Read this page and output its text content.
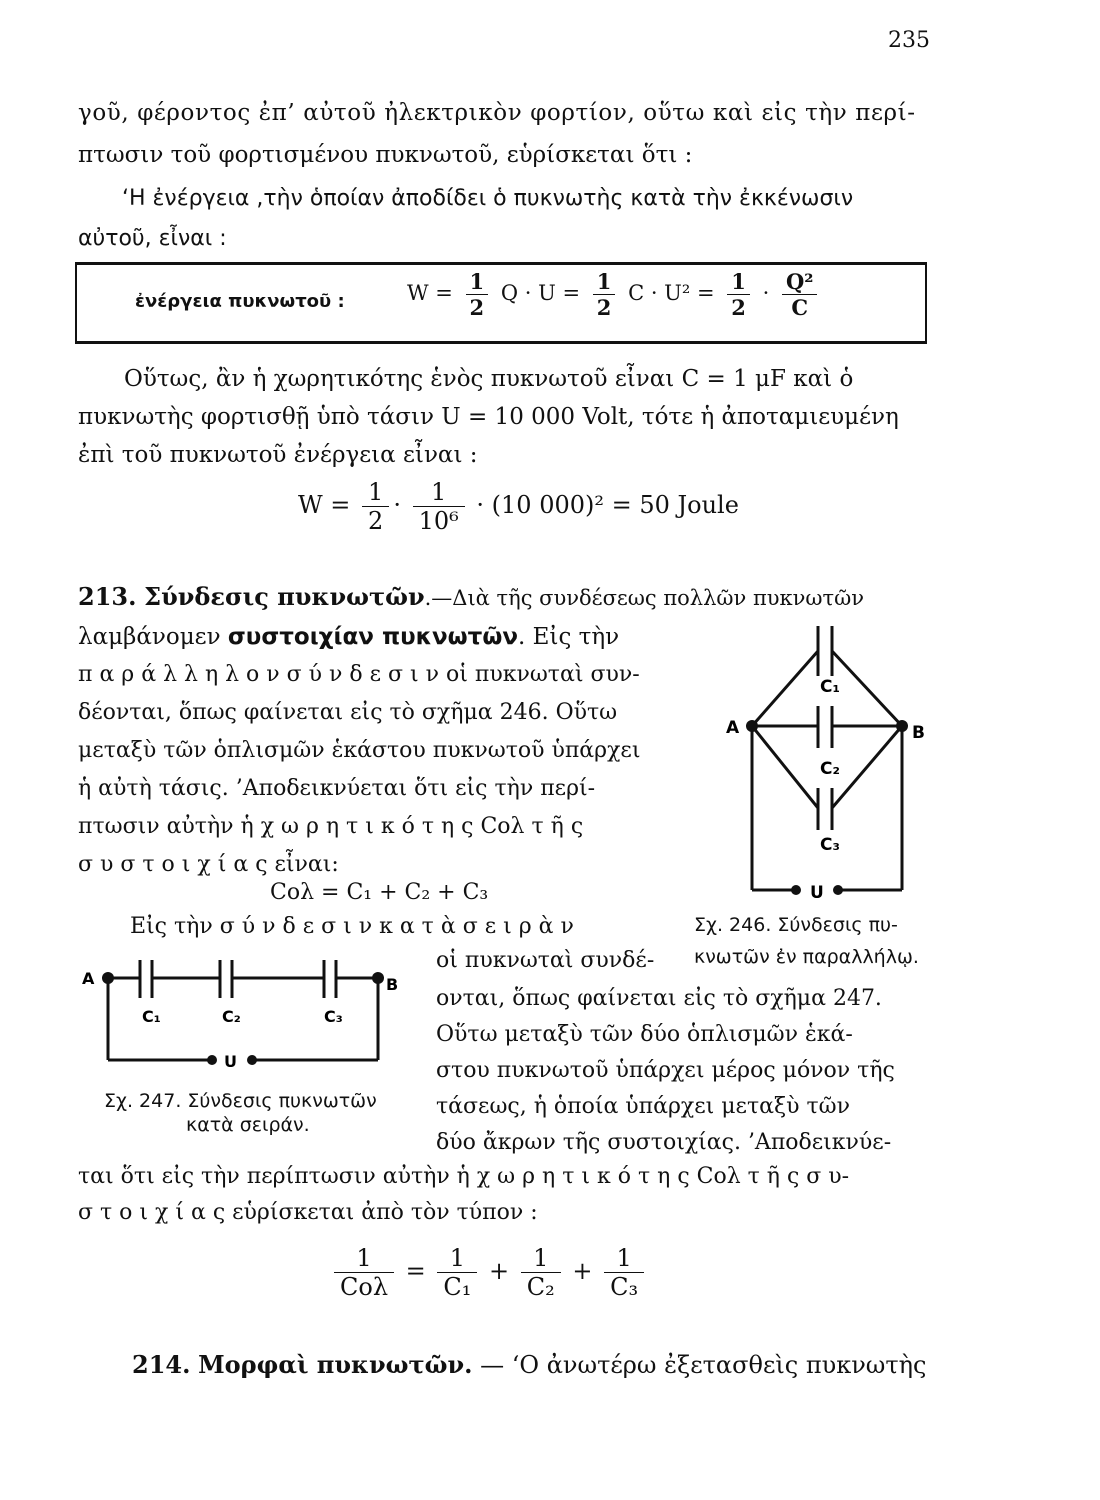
235
γοῦ, φέροντος ἐπ’ αὐτοῦ ἠλεκτρικὸν φορτίον, οὕτω καὶ εἰς τὴν περί-
πτωσιν τοῦ φορτισμένου πυκνωτοῦ, εὑρίσκεται ὅτι :
‘Η ἐνέργεια ,τὴν ὁποίαν ἀποδίδει ὁ πυκνωτὴς κατὰ τὴν ἐκκένωσιν
αὐτοῦ, εἶναι :
ἐνέργεια πυκνωτοῦ :	$W = \frac{1}{2}$ $Q \cdot U = \frac{1}{2}$ $C \cdot U^2 = \frac{1}{2} \cdot \frac{\text{Q²}}{C}$
Οὕτως, ἂν ἡ χωρητικότης ἑνὸς πυκνωτοῦ εἶναι C = 1 μF καὶ ὁ
πυκνωτὴς φορτισθῇ ὑπὸ τάσιν U = 10 000 Volt, τότε ἡ ἀποταμιευμένη
ἐπὶ τοῦ πυκνωτοῦ ἐνέργεια εἶναι :
$W = \frac{1}{2} \cdot \frac{1}{\text{10⁶}} \cdot (10$ 000)² = 50 Joule
213. Σύνδεσις πυκνωτῶν.—Διὰ τῆς συνδέσεως πολλῶν πυκνωτῶν
λαμβάνομεν συστοιχίαν πυκνωτῶν. Εἰς τὴν
π α ρ ά λ λ η λ ο ν σ ύ ν δ ε σ ι ν οἱ πυκνωταὶ συν-
δέονται, ὅπως φαίνεται εἰς τὸ σχῆμα 246. Οὕτω
μεταξὺ τῶν ὁπλισμῶν ἑκάστου πυκνωτοῦ ὑπάρχει
ἡ αὐτὴ τάσις. ’Αποδεικνύεται ὅτι εἰς τὴν περί-
πτωσιν αὐτὴν ἡ χ ω ρ η τ ι κ ό τ η ς Cολ τ ῆ ς
σ υ σ τ ο ι χ ί α ς εἶναι:
Cολ = C₁ + C₂ + C₃
A	B
C₁
C₂
C₃
U
Σχ. 246. Σύνδεσις πυ-
κνωτῶν ἐν παραλλήλῳ.
Εἰς τὴν σ ύ ν δ ε σ ι ν κ α τ ὰ σ ε ι ρ ὰ ν
οἱ πυκνωταὶ συνδέ-
ονται, ὅπως φαίνεται εἰς τὸ σχῆμα 247.
Οὕτω μεταξὺ τῶν δύο ὁπλισμῶν ἑκά-
στου πυκνωτοῦ ὑπάρχει μέρος μόνον τῆς
τάσεως, ἡ ὁποία ὑπάρχει μεταξὺ τῶν
δύο ἄκρων τῆς συστοιχίας. ’Αποδεικνύε-
ται ὅτι εἰς τὴν περίπτωσιν αὐτὴν ἡ χ ω ρ η τ ι κ ό τ η ς Cολ τ ῆ ς σ υ-
σ τ ο ι χ ί α ς εὑρίσκεται ἀπὸ τὸν τύπον :
A	B
C₁	C₂	C₃
U
Σχ. 247. Σύνδεσις πυκνωτῶν
κατὰ σειράν.
1
Cολ
= $\frac{1}{\text{C₁}} + \frac{1}{\text{C₂}} + \frac{1}{\text{C₃}}$
214. Μορφαὶ πυκνωτῶν. — ‘Ο ἀνωτέρω ἐξετασθεὶς πυκνωτὴς
